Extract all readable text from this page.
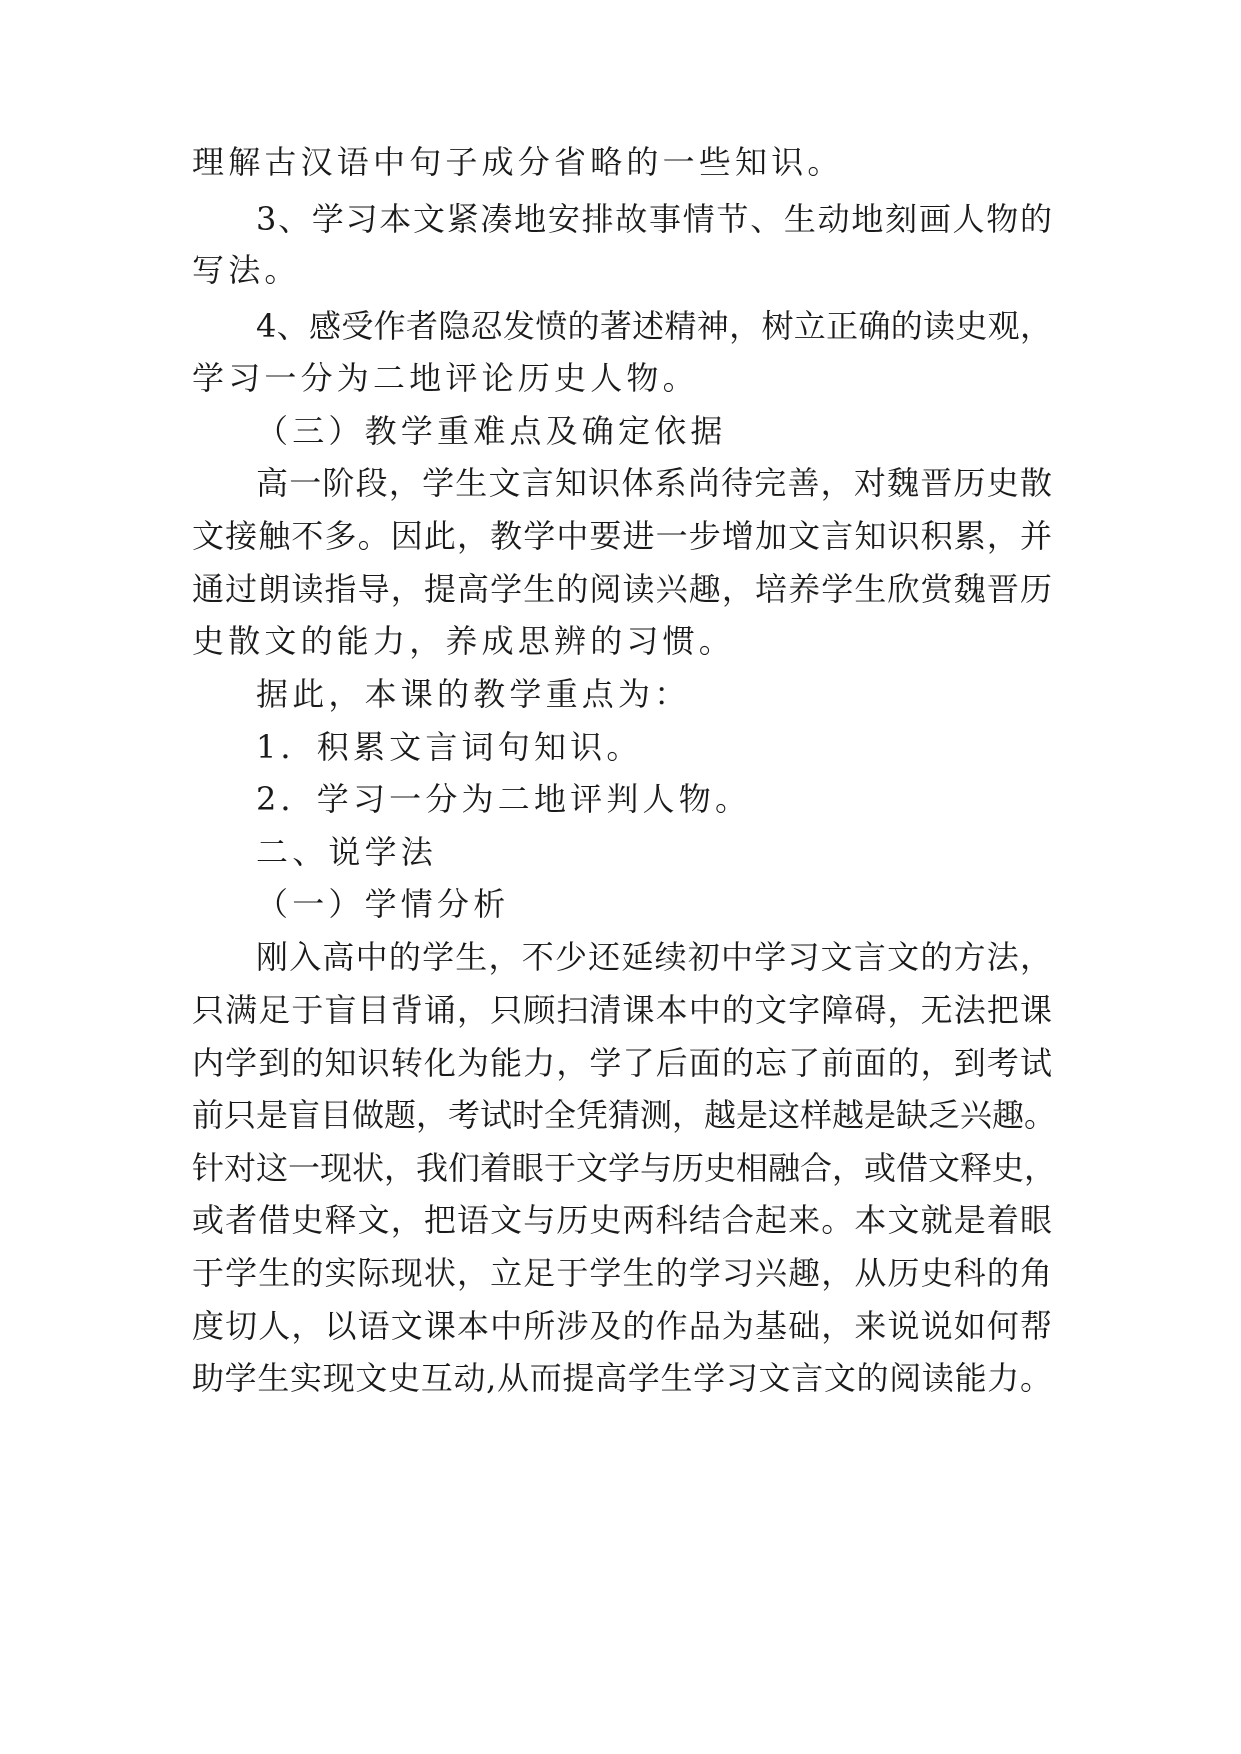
理解古汉语中句子成分省略的一些知识。
3、学习本文紧凑地安排故事情节、生动地刻画人物的
写法。
4、感受作者隐忍发愤的著述精神，树立正确的读史观，
学习一分为二地评论历史人物。
（三）教学重难点及确定依据
高一阶段，学生文言知识体系尚待完善，对魏晋历史散
文接触不多。因此，教学中要进一步增加文言知识积累，并
通过朗读指导，提高学生的阅读兴趣，培养学生欣赏魏晋历
史散文的能力，养成思辨的习惯。
据此，本课的教学重点为：
1．积累文言词句知识。
2．学习一分为二地评判人物。
二、说学法
（一）学情分析
刚入高中的学生，不少还延续初中学习文言文的方法，
只满足于盲目背诵，只顾扫清课本中的文字障碍，无法把课
内学到的知识转化为能力，学了后面的忘了前面的，到考试
前只是盲目做题，考试时全凭猜测，越是这样越是缺乏兴趣。
针对这一现状，我们着眼于文学与历史相融合，或借文释史，
或者借史释文，把语文与历史两科结合起来。本文就是着眼
于学生的实际现状，立足于学生的学习兴趣，从历史科的角
度切人，以语文课本中所涉及的作品为基础，来说说如何帮
助学生实现文史互动,从而提高学生学习文言文的阅读能力。
